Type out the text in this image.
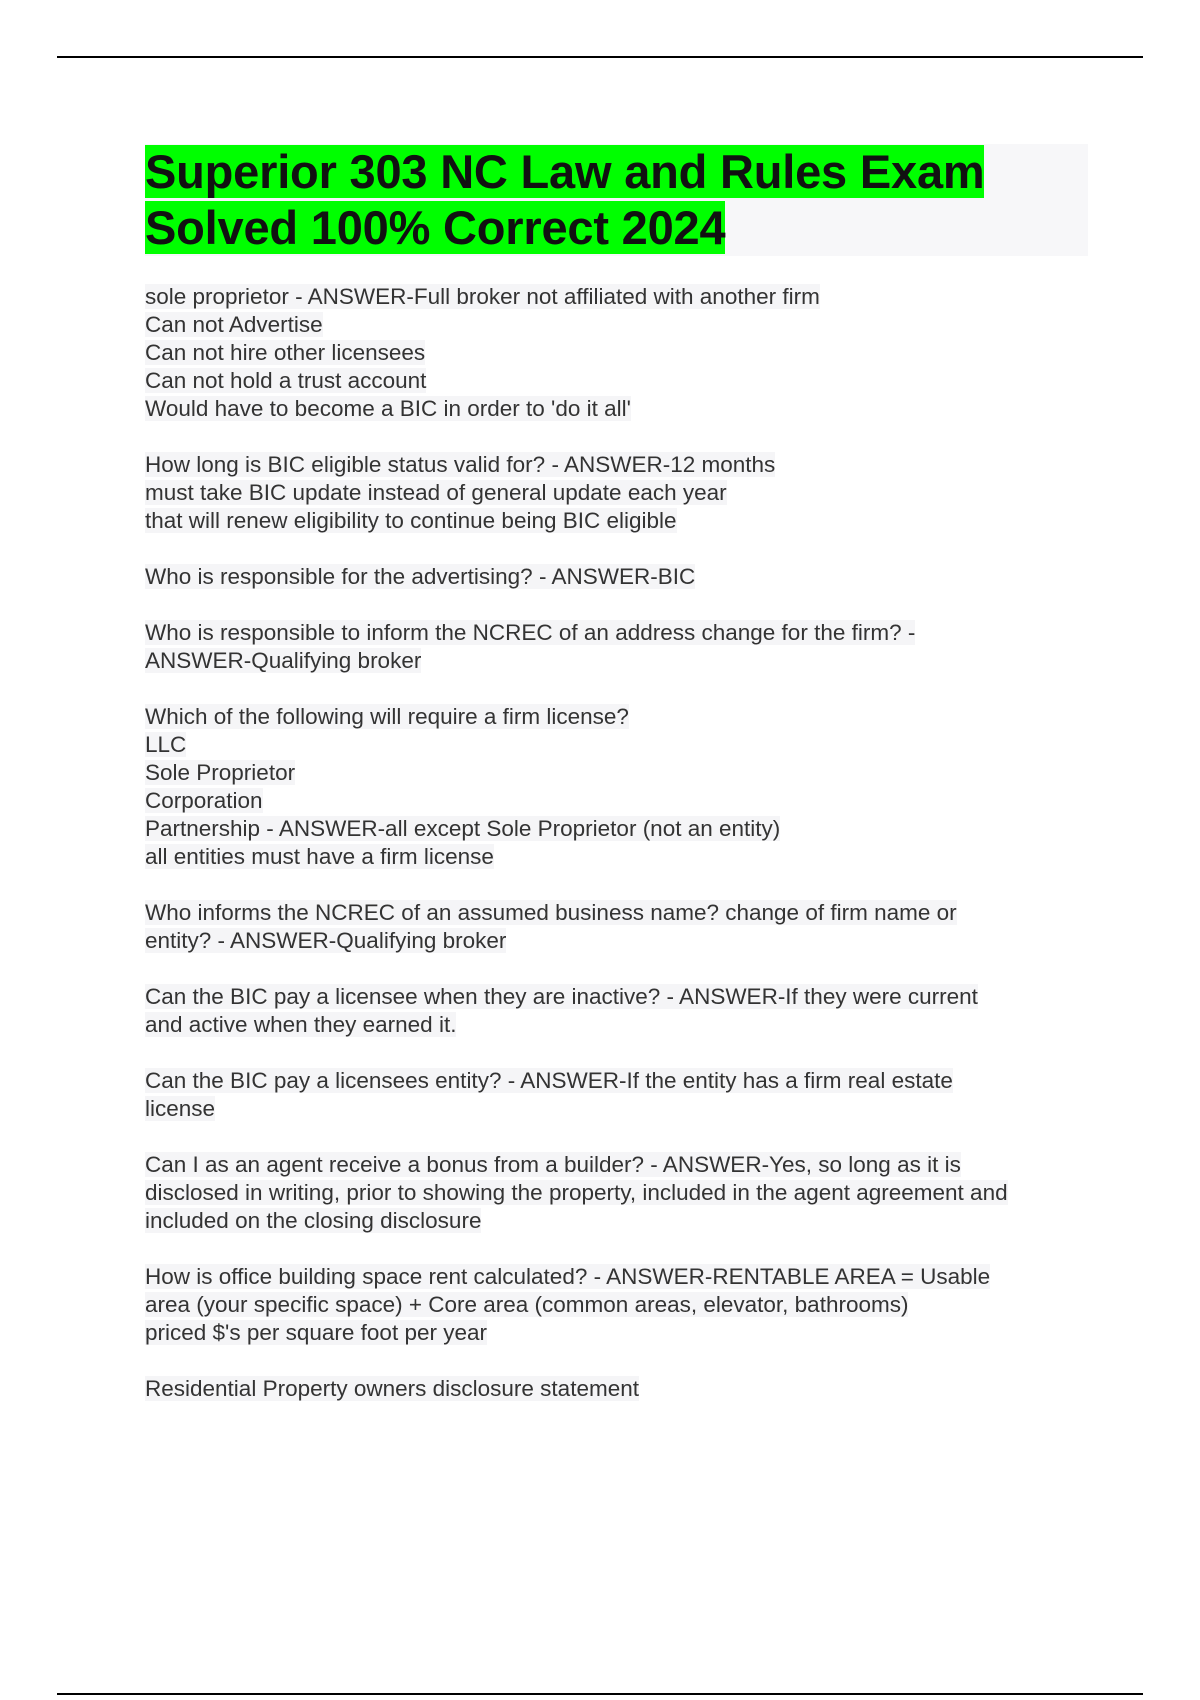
Superior 303 NC Law and Rules Exam
Solved 100% Correct 2024
sole proprietor - ANSWER-Full broker not affiliated with another firm
Can not Advertise
Can not hire other licensees
Can not hold a trust account
Would have to become a BIC in order to 'do it all'
How long is BIC eligible status valid for? - ANSWER-12 months
must take BIC update instead of general update each year
that will renew eligibility to continue being BIC eligible
Who is responsible for the advertising? - ANSWER-BIC
Who is responsible to inform the NCREC of an address change for the firm? -
ANSWER-Qualifying broker
Which of the following will require a firm license?
LLC
Sole Proprietor
Corporation
Partnership - ANSWER-all except Sole Proprietor (not an entity)
all entities must have a firm license
Who informs the NCREC of an assumed business name? change of firm name or
entity? - ANSWER-Qualifying broker
Can the BIC pay a licensee when they are inactive? - ANSWER-If they were current
and active when they earned it.
Can the BIC pay a licensees entity? - ANSWER-If the entity has a firm real estate
license
Can I as an agent receive a bonus from a builder? - ANSWER-Yes, so long as it is
disclosed in writing, prior to showing the property, included in the agent agreement and
included on the closing disclosure
How is office building space rent calculated? - ANSWER-RENTABLE AREA = Usable
area (your specific space) + Core area (common areas, elevator, bathrooms)
priced $'s per square foot per year
Residential Property owners disclosure statement
